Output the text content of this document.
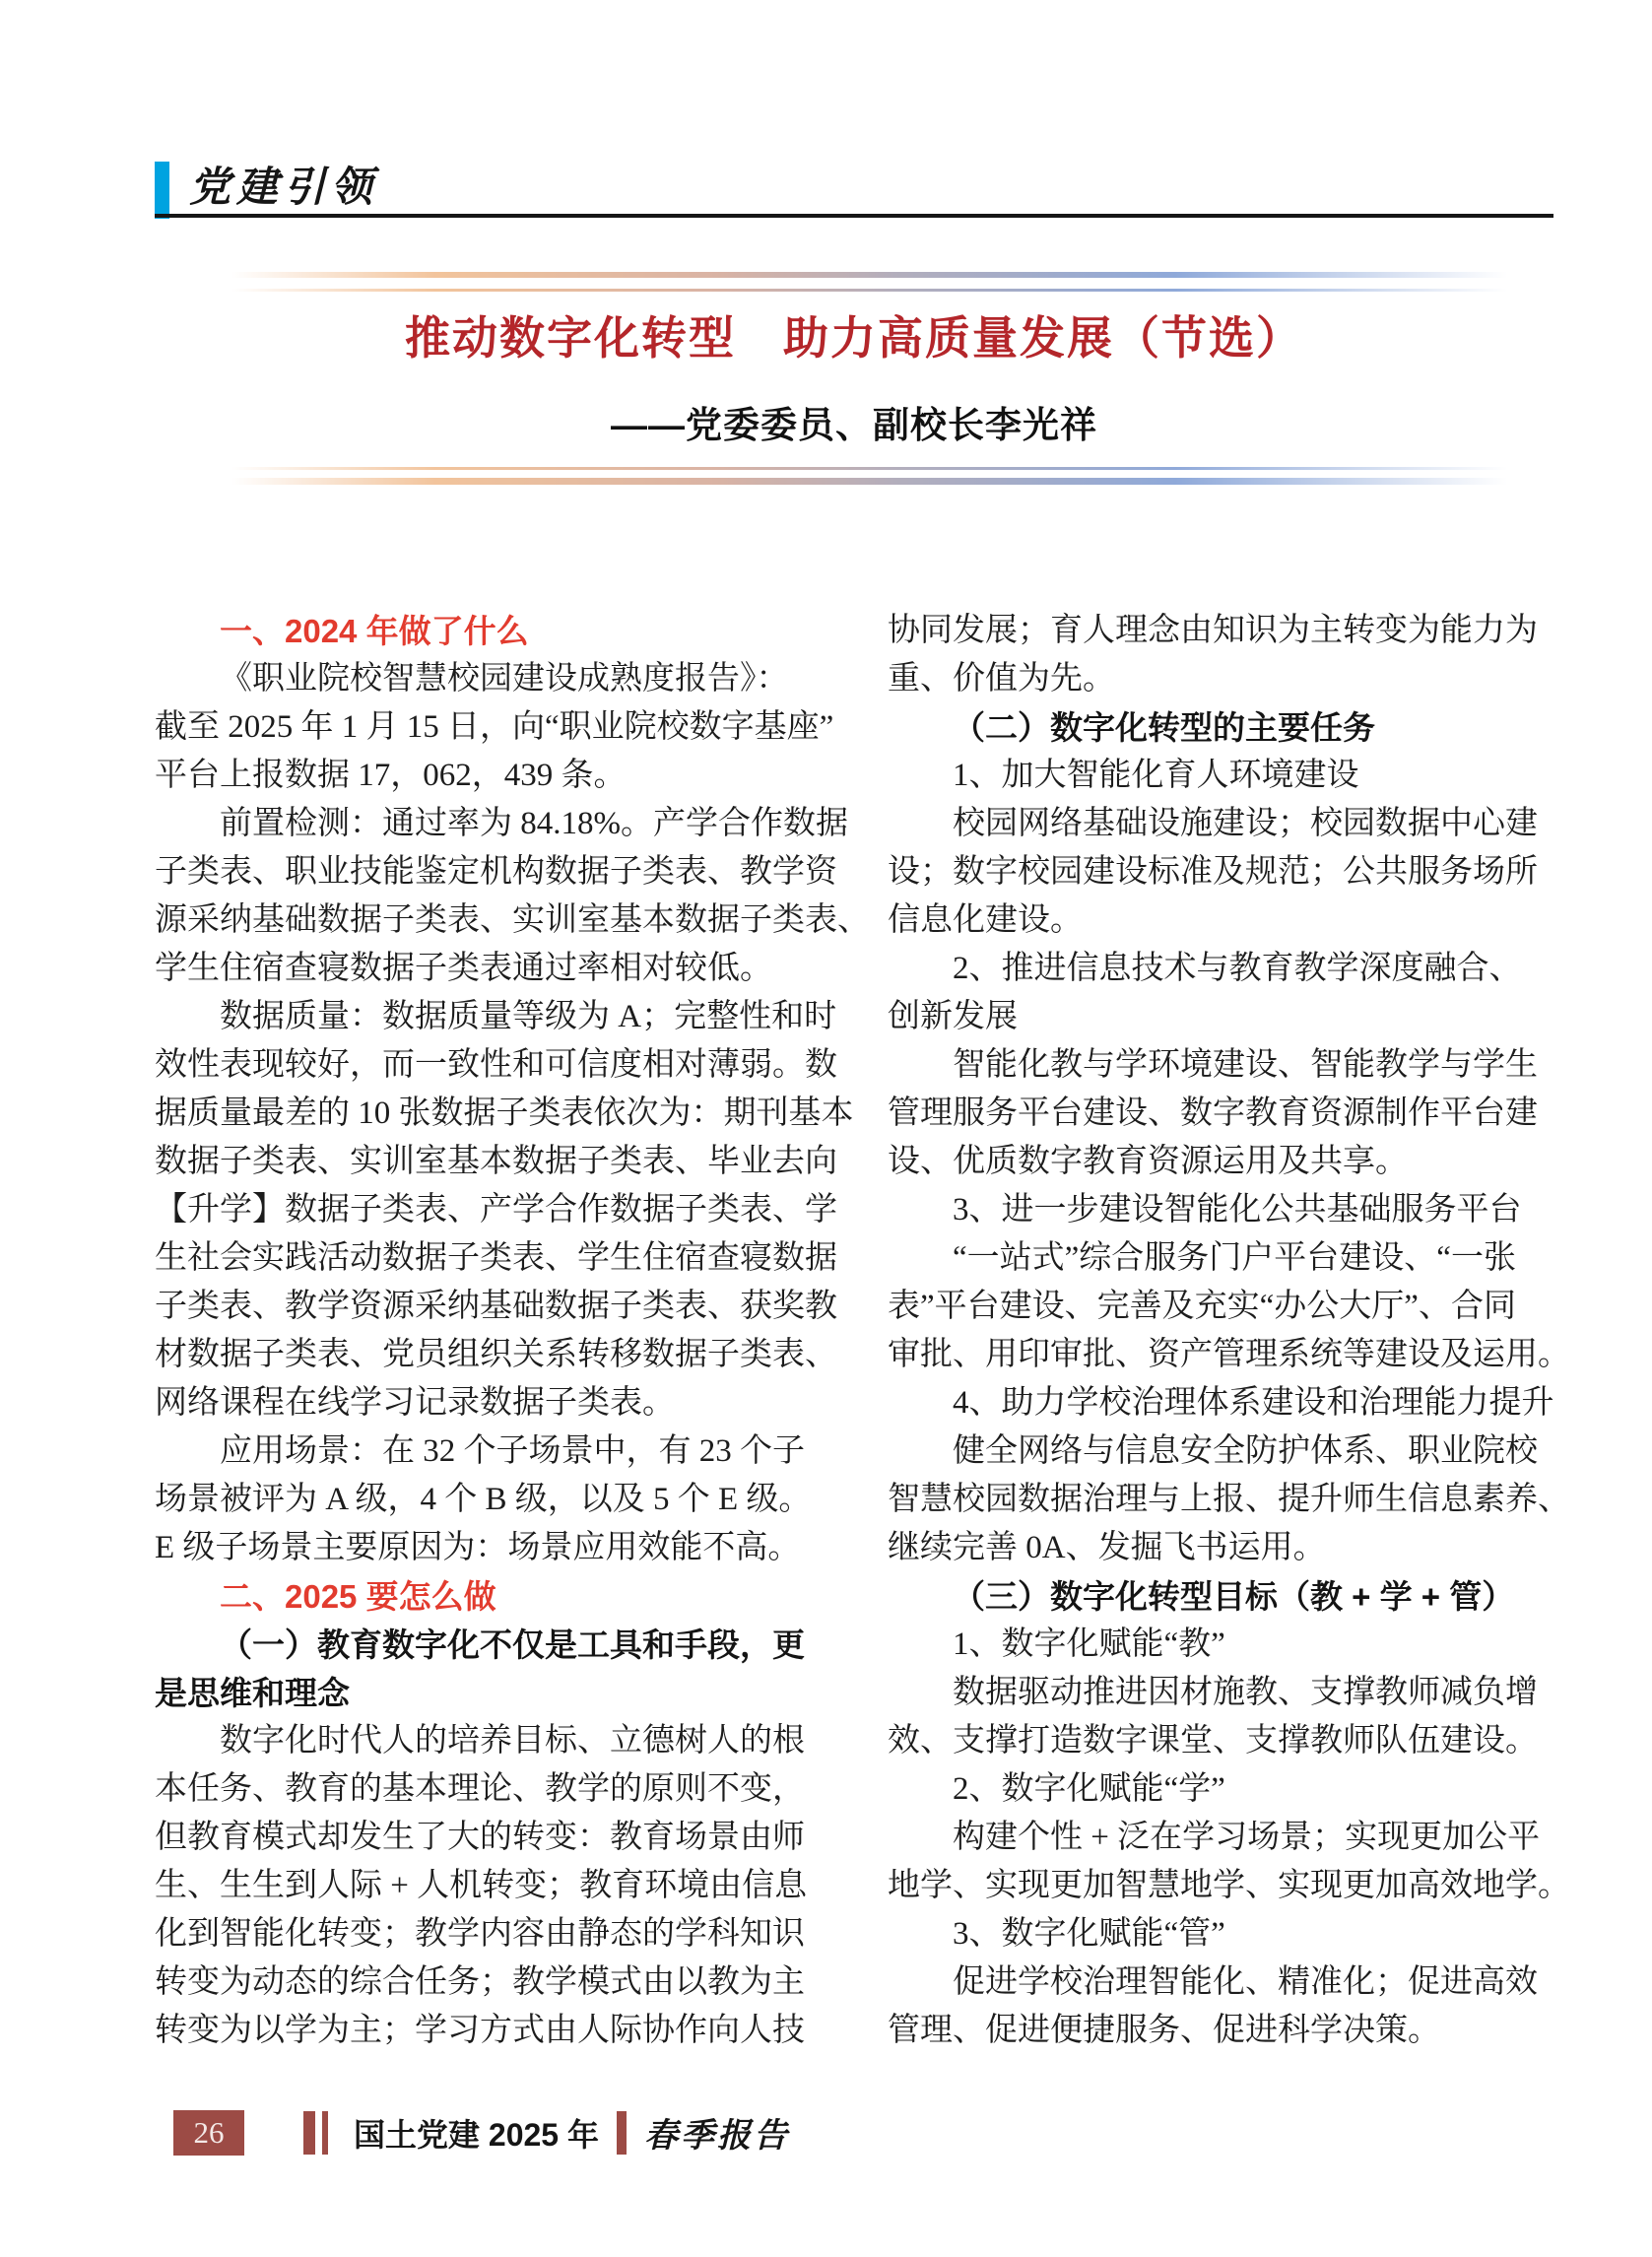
党建引领
推动数字化转型　助力高质量发展（节选）
——党委委员、副校长李光祥
一、2024 年做了什么
《职业院校智慧校园建设成熟度报告》：
截至 2025 年 1 月 15 日，向“职业院校数字基座”
平台上报数据 17，062，439 条。
前置检测：通过率为 84.18%。产学合作数据
子类表、职业技能鉴定机构数据子类表、教学资
源采纳基础数据子类表、实训室基本数据子类表、
学生住宿查寝数据子类表通过率相对较低。
数据质量：数据质量等级为 A；完整性和时
效性表现较好，而一致性和可信度相对薄弱。数
据质量最差的 10 张数据子类表依次为：期刊基本
数据子类表、实训室基本数据子类表、毕业去向
【升学】数据子类表、产学合作数据子类表、学
生社会实践活动数据子类表、学生住宿查寝数据
子类表、教学资源采纳基础数据子类表、获奖教
材数据子类表、党员组织关系转移数据子类表、
网络课程在线学习记录数据子类表。
应用场景：在 32 个子场景中，有 23 个子
场景被评为 A 级，4 个 B 级，以及 5 个 E 级。
E 级子场景主要原因为：场景应用效能不高。
二、2025 要怎么做
（一）教育数字化不仅是工具和手段，更
是思维和理念
数字化时代人的培养目标、立德树人的根
本任务、教育的基本理论、教学的原则不变，
但教育模式却发生了大的转变：教育场景由师
生、生生到人际 + 人机转变；教育环境由信息
化到智能化转变；教学内容由静态的学科知识
转变为动态的综合任务；教学模式由以教为主
转变为以学为主；学习方式由人际协作向人技
协同发展；育人理念由知识为主转变为能力为
重、价值为先。
（二）数字化转型的主要任务
1、加大智能化育人环境建设
校园网络基础设施建设；校园数据中心建
设；数字校园建设标准及规范；公共服务场所
信息化建设。
2、推进信息技术与教育教学深度融合、
创新发展
智能化教与学环境建设、智能教学与学生
管理服务平台建设、数字教育资源制作平台建
设、优质数字教育资源运用及共享。
3、进一步建设智能化公共基础服务平台
“一站式”综合服务门户平台建设、“一张
表”平台建设、完善及充实“办公大厅”、合同
审批、用印审批、资产管理系统等建设及运用。
4、助力学校治理体系建设和治理能力提升
健全网络与信息安全防护体系、职业院校
智慧校园数据治理与上报、提升师生信息素养、
继续完善 0A、发掘飞书运用。
（三）数字化转型目标（教 + 学 + 管）
1、数字化赋能“教”
数据驱动推进因材施教、支撑教师减负增
效、支撑打造数字课堂、支撑教师队伍建设。
2、数字化赋能“学”
构建个性 + 泛在学习场景；实现更加公平
地学、实现更加智慧地学、实现更加高效地学。
3、数字化赋能“管”
促进学校治理智能化、精准化；促进高效
管理、促进便捷服务、促进科学决策。
26	国土党建 2025 年 春季报告
